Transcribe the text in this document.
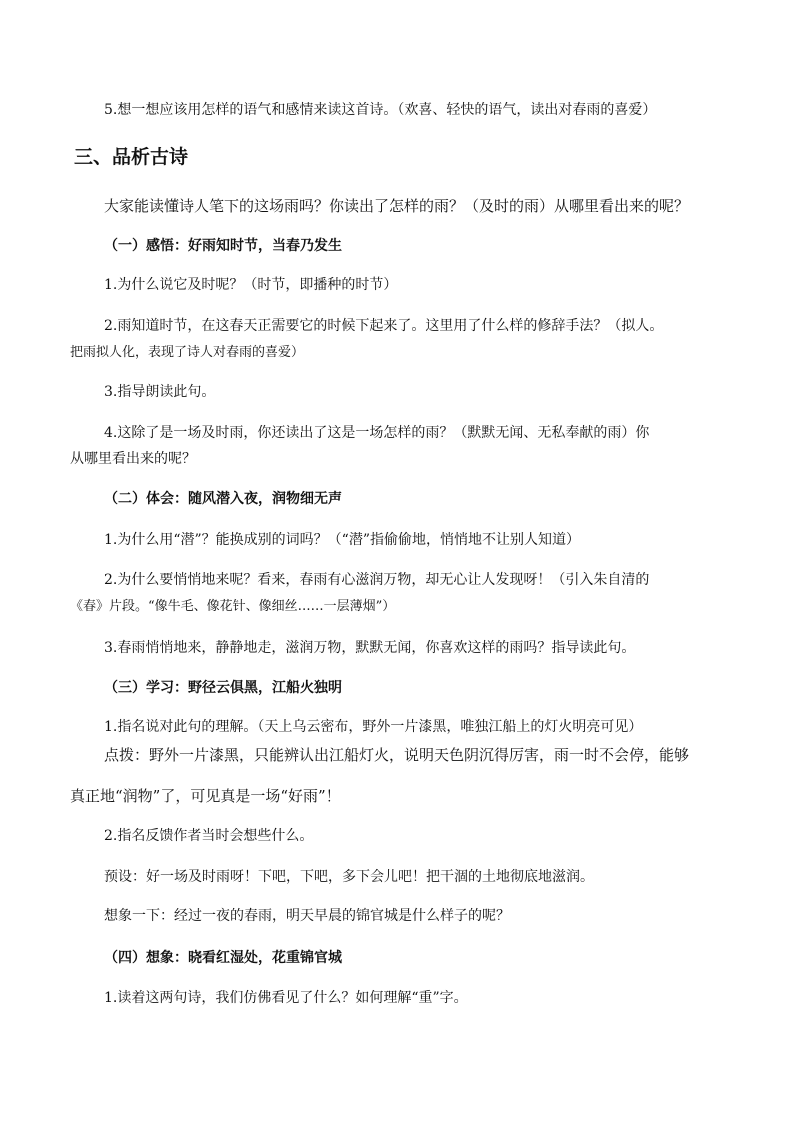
5.想一想应该用怎样的语气和感情来读这首诗。（欢喜、轻快的语气，读出对春雨的喜爱）
三、品析古诗
大家能读懂诗人笔下的这场雨吗？你读出了怎样的雨？（及时的雨）从哪里看出来的呢？
（一）感悟：好雨知时节，当春乃发生
1.为什么说它及时呢？（时节，即播种的时节）
2.雨知道时节，在这春天正需要它的时候下起来了。这里用了什么样的修辞手法？（拟人。
把雨拟人化，表现了诗人对春雨的喜爱）
3.指导朗读此句。
4.这除了是一场及时雨，你还读出了这是一场怎样的雨？（默默无闻、无私奉献的雨）你
从哪里看出来的呢？
（二）体会：随风潜入夜，润物细无声
1.为什么用“潜”？能换成别的词吗？（“潜”指偷偷地，悄悄地不让别人知道）
2.为什么要悄悄地来呢？看来，春雨有心滋润万物，却无心让人发现呀！（引入朱自清的
《春》片段。“像牛毛、像花针、像细丝……一层薄烟”）
3.春雨悄悄地来，静静地走，滋润万物，默默无闻，你喜欢这样的雨吗？指导读此句。
（三）学习：野径云俱黑，江船火独明
1.指名说对此句的理解。（天上乌云密布，野外一片漆黑，唯独江船上的灯火明亮可见）
点拨：野外一片漆黑，只能辨认出江船灯火，说明天色阴沉得厉害，雨一时不会停，能够
真正地“润物”了，可见真是一场“好雨”！
2.指名反馈作者当时会想些什么。
预设：好一场及时雨呀！下吧，下吧，多下会儿吧！把干涸的土地彻底地滋润。
想象一下：经过一夜的春雨，明天早晨的锦官城是什么样子的呢？
（四）想象：晓看红湿处，花重锦官城
1.读着这两句诗，我们仿佛看见了什么？如何理解“重”字。
